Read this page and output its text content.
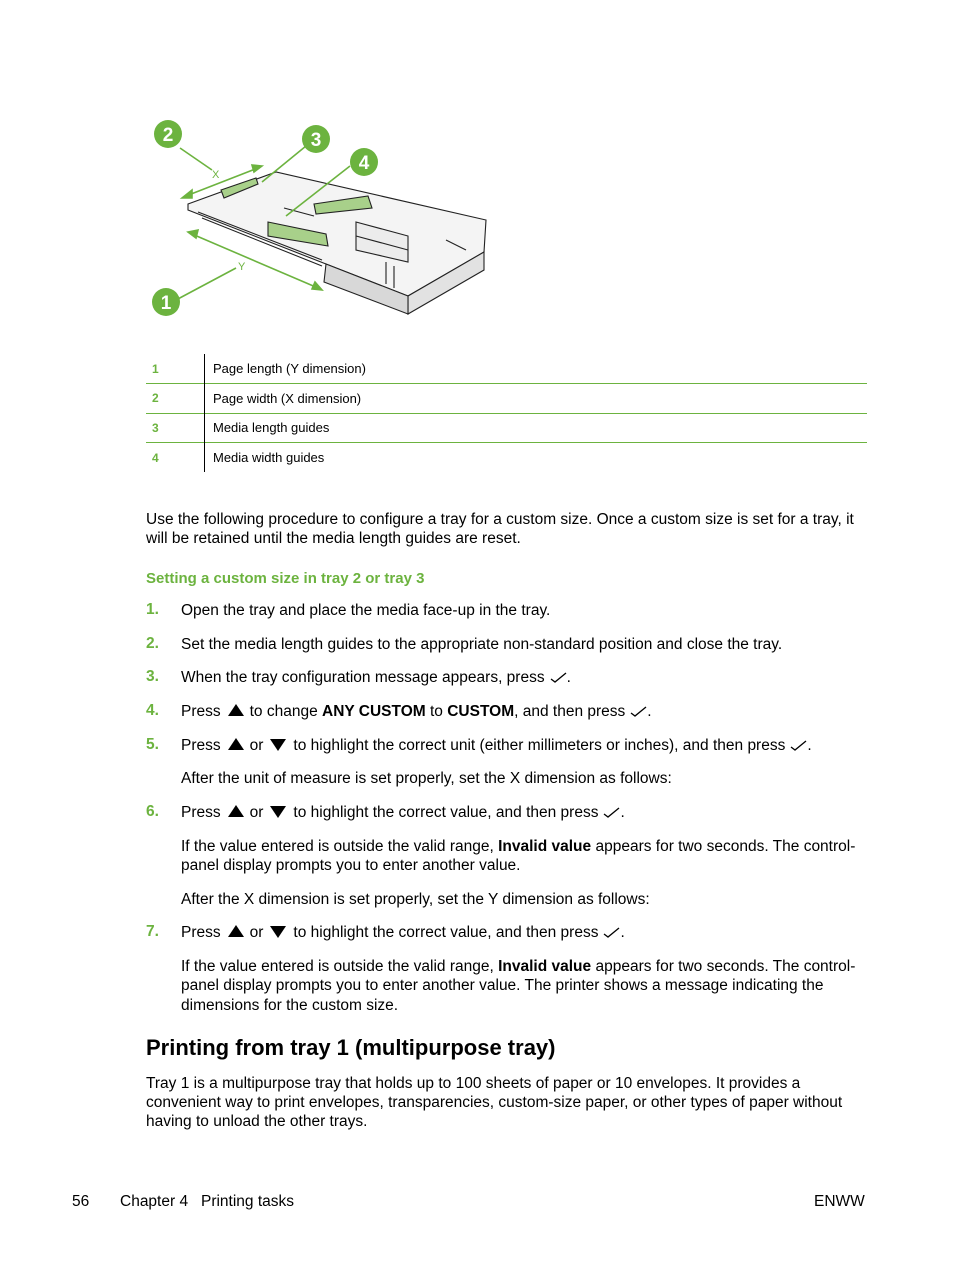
X
Y
2	3
4
1
1	Page length (Y dimension)
2	Page width (X dimension)
3	Media length guides
4	Media width guides
Use the following procedure to configure a tray for a custom size. Once a custom size is set for a tray, it will be retained until the media length guides are reset.
Setting a custom size in tray 2 or tray 3
1. Open the tray and place the media face-up in the tray.
2. Set the media length guides to the appropriate non-standard position and close the tray.
3. When the tray configuration message appears, press .
4. Press to change ANY CUSTOM to CUSTOM, and then press .
5. Press or to highlight the correct unit (either millimeters or inches), and then press .
After the unit of measure is set properly, set the X dimension as follows:
6. Press or to highlight the correct value, and then press .
If the value entered is outside the valid range, Invalid value appears for two seconds. The control-panel display prompts you to enter another value.
After the X dimension is set properly, set the Y dimension as follows:
7. Press or to highlight the correct value, and then press .
If the value entered is outside the valid range, Invalid value appears for two seconds. The control-panel display prompts you to enter another value. The printer shows a message indicating the dimensions for the custom size.
Printing from tray 1 (multipurpose tray)
Tray 1 is a multipurpose tray that holds up to 100 sheets of paper or 10 envelopes. It provides a convenient way to print envelopes, transparencies, custom-size paper, or other types of paper without having to unload the other trays.
56 Chapter 4   Printing tasks	ENWW
